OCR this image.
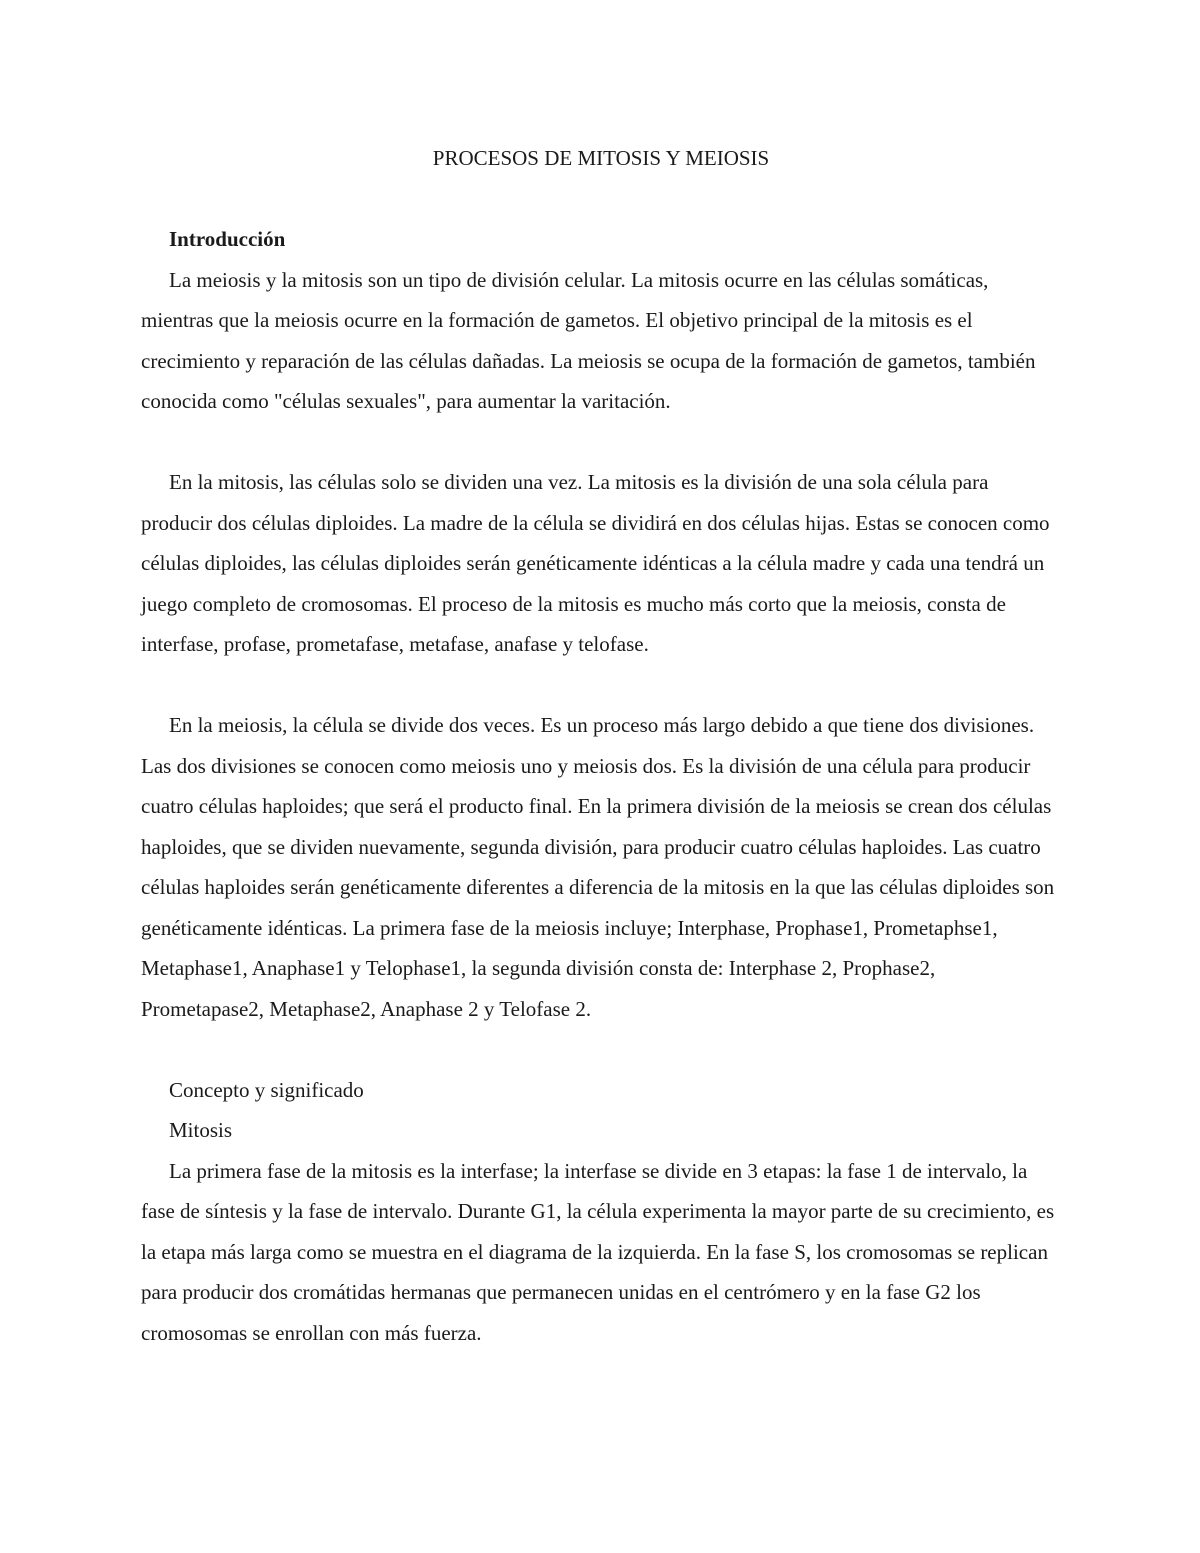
PROCESOS DE MITOSIS Y MEIOSIS

Introducción

La meiosis y la mitosis son un tipo de división celular. La mitosis ocurre en las células somáticas, mientras que la meiosis ocurre en la formación de gametos. El objetivo principal de la mitosis es el crecimiento y reparación de las células dañadas. La meiosis se ocupa de la formación de gametos, también conocida como "células sexuales", para aumentar la varitación.

En la mitosis, las células solo se dividen una vez. La mitosis es la división de una sola célula para producir dos células diploides. La madre de la célula se dividirá en dos células hijas. Estas se conocen como células diploides, las células diploides serán genéticamente idénticas a la célula madre y cada una tendrá un juego completo de cromosomas. El proceso de la mitosis es mucho más corto que la meiosis, consta de interfase, profase, prometafase, metafase, anafase y telofase.

En la meiosis, la célula se divide dos veces. Es un proceso más largo debido a que tiene dos divisiones. Las dos divisiones se conocen como meiosis uno y meiosis dos. Es la división de una célula para producir cuatro células haploides; que será el producto final. En la primera división de la meiosis se crean dos células haploides, que se dividen nuevamente, segunda división, para producir cuatro células haploides. Las cuatro células haploides serán genéticamente diferentes a diferencia de la mitosis en la que las células diploides son genéticamente idénticas. La primera fase de la meiosis incluye; Interphase, Prophase1, Prometaphse1, Metaphase1, Anaphase1 y Telophase1, la segunda división consta de: Interphase 2, Prophase2, Prometapase2, Metaphase2, Anaphase 2 y Telofase 2.

Concepto y significado

Mitosis

La primera fase de la mitosis es la interfase; la interfase se divide en 3 etapas: la fase 1 de intervalo, la fase de síntesis y la fase de intervalo. Durante G1, la célula experimenta la mayor parte de su crecimiento, es la etapa más larga como se muestra en el diagrama de la izquierda. En la fase S, los cromosomas se replican para producir dos cromátidas hermanas que permanecen unidas en el centrómero y en la fase G2 los cromosomas se enrollan con más fuerza.
